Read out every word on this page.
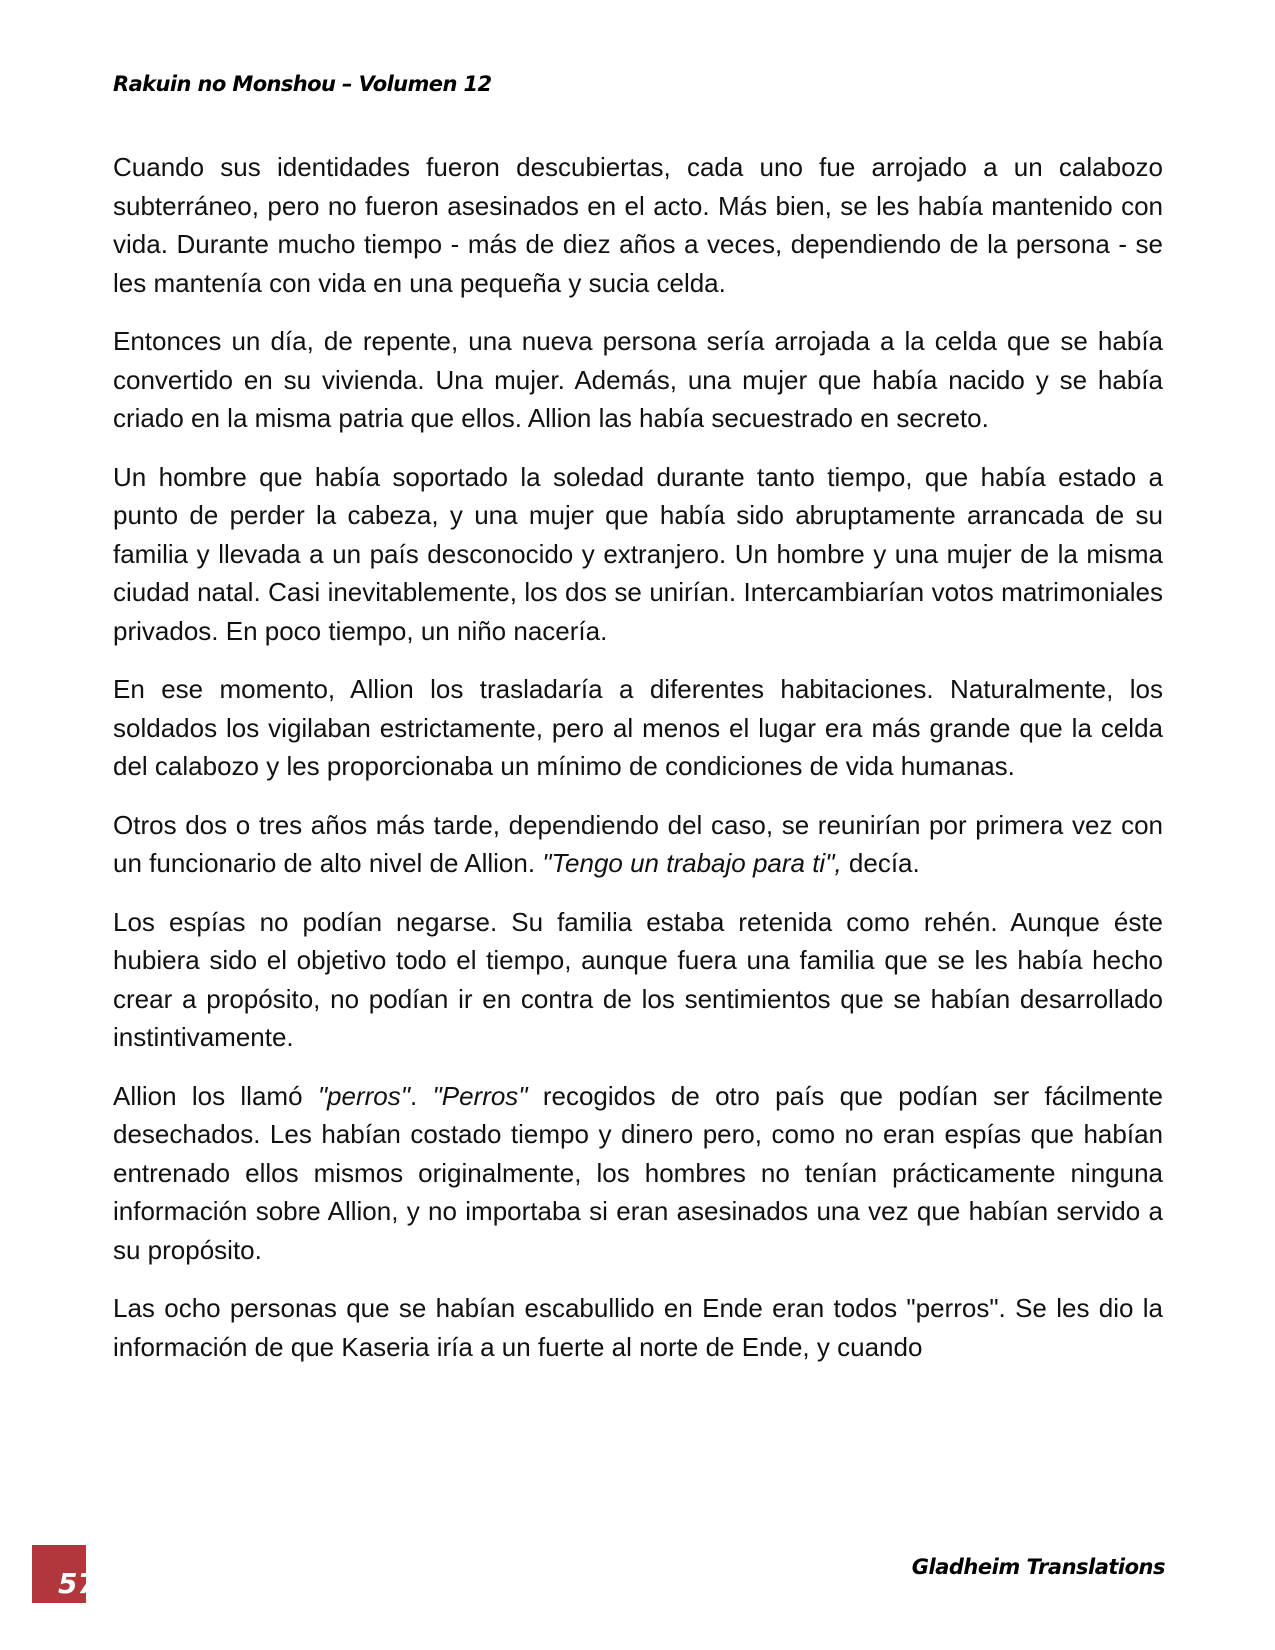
Rakuin no Monshou – Volumen 12

Cuando sus identidades fueron descubiertas, cada uno fue arrojado a un calabozo subterráneo, pero no fueron asesinados en el acto. Más bien, se les había mantenido con vida. Durante mucho tiempo - más de diez años a veces, dependiendo de la persona - se les mantenía con vida en una pequeña y sucia celda.

Entonces un día, de repente, una nueva persona sería arrojada a la celda que se había convertido en su vivienda. Una mujer. Además, una mujer que había nacido y se había criado en la misma patria que ellos. Allion las había secuestrado en secreto.

Un hombre que había soportado la soledad durante tanto tiempo, que había estado a punto de perder la cabeza, y una mujer que había sido abruptamente arrancada de su familia y llevada a un país desconocido y extranjero. Un hombre y una mujer de la misma ciudad natal. Casi inevitablemente, los dos se unirían. Intercambiarían votos matrimoniales privados. En poco tiempo, un niño nacería.

En ese momento, Allion los trasladaría a diferentes habitaciones. Naturalmente, los soldados los vigilaban estrictamente, pero al menos el lugar era más grande que la celda del calabozo y les proporcionaba un mínimo de condiciones de vida humanas.

Otros dos o tres años más tarde, dependiendo del caso, se reunirían por primera vez con un funcionario de alto nivel de Allion. "Tengo un trabajo para ti", decía.

Los espías no podían negarse. Su familia estaba retenida como rehén. Aunque éste hubiera sido el objetivo todo el tiempo, aunque fuera una familia que se les había hecho crear a propósito, no podían ir en contra de los sentimientos que se habían desarrollado instintivamente.

Allion los llamó "perros". "Perros" recogidos de otro país que podían ser fácilmente desechados. Les habían costado tiempo y dinero pero, como no eran espías que habían entrenado ellos mismos originalmente, los hombres no tenían prácticamente ninguna información sobre Allion, y no importaba si eran asesinados una vez que habían servido a su propósito.

Las ocho personas que se habían escabullido en Ende eran todos "perros". Se les dio la información de que Kaseria iría a un fuerte al norte de Ende, y cuando

57	Gladheim Translations
